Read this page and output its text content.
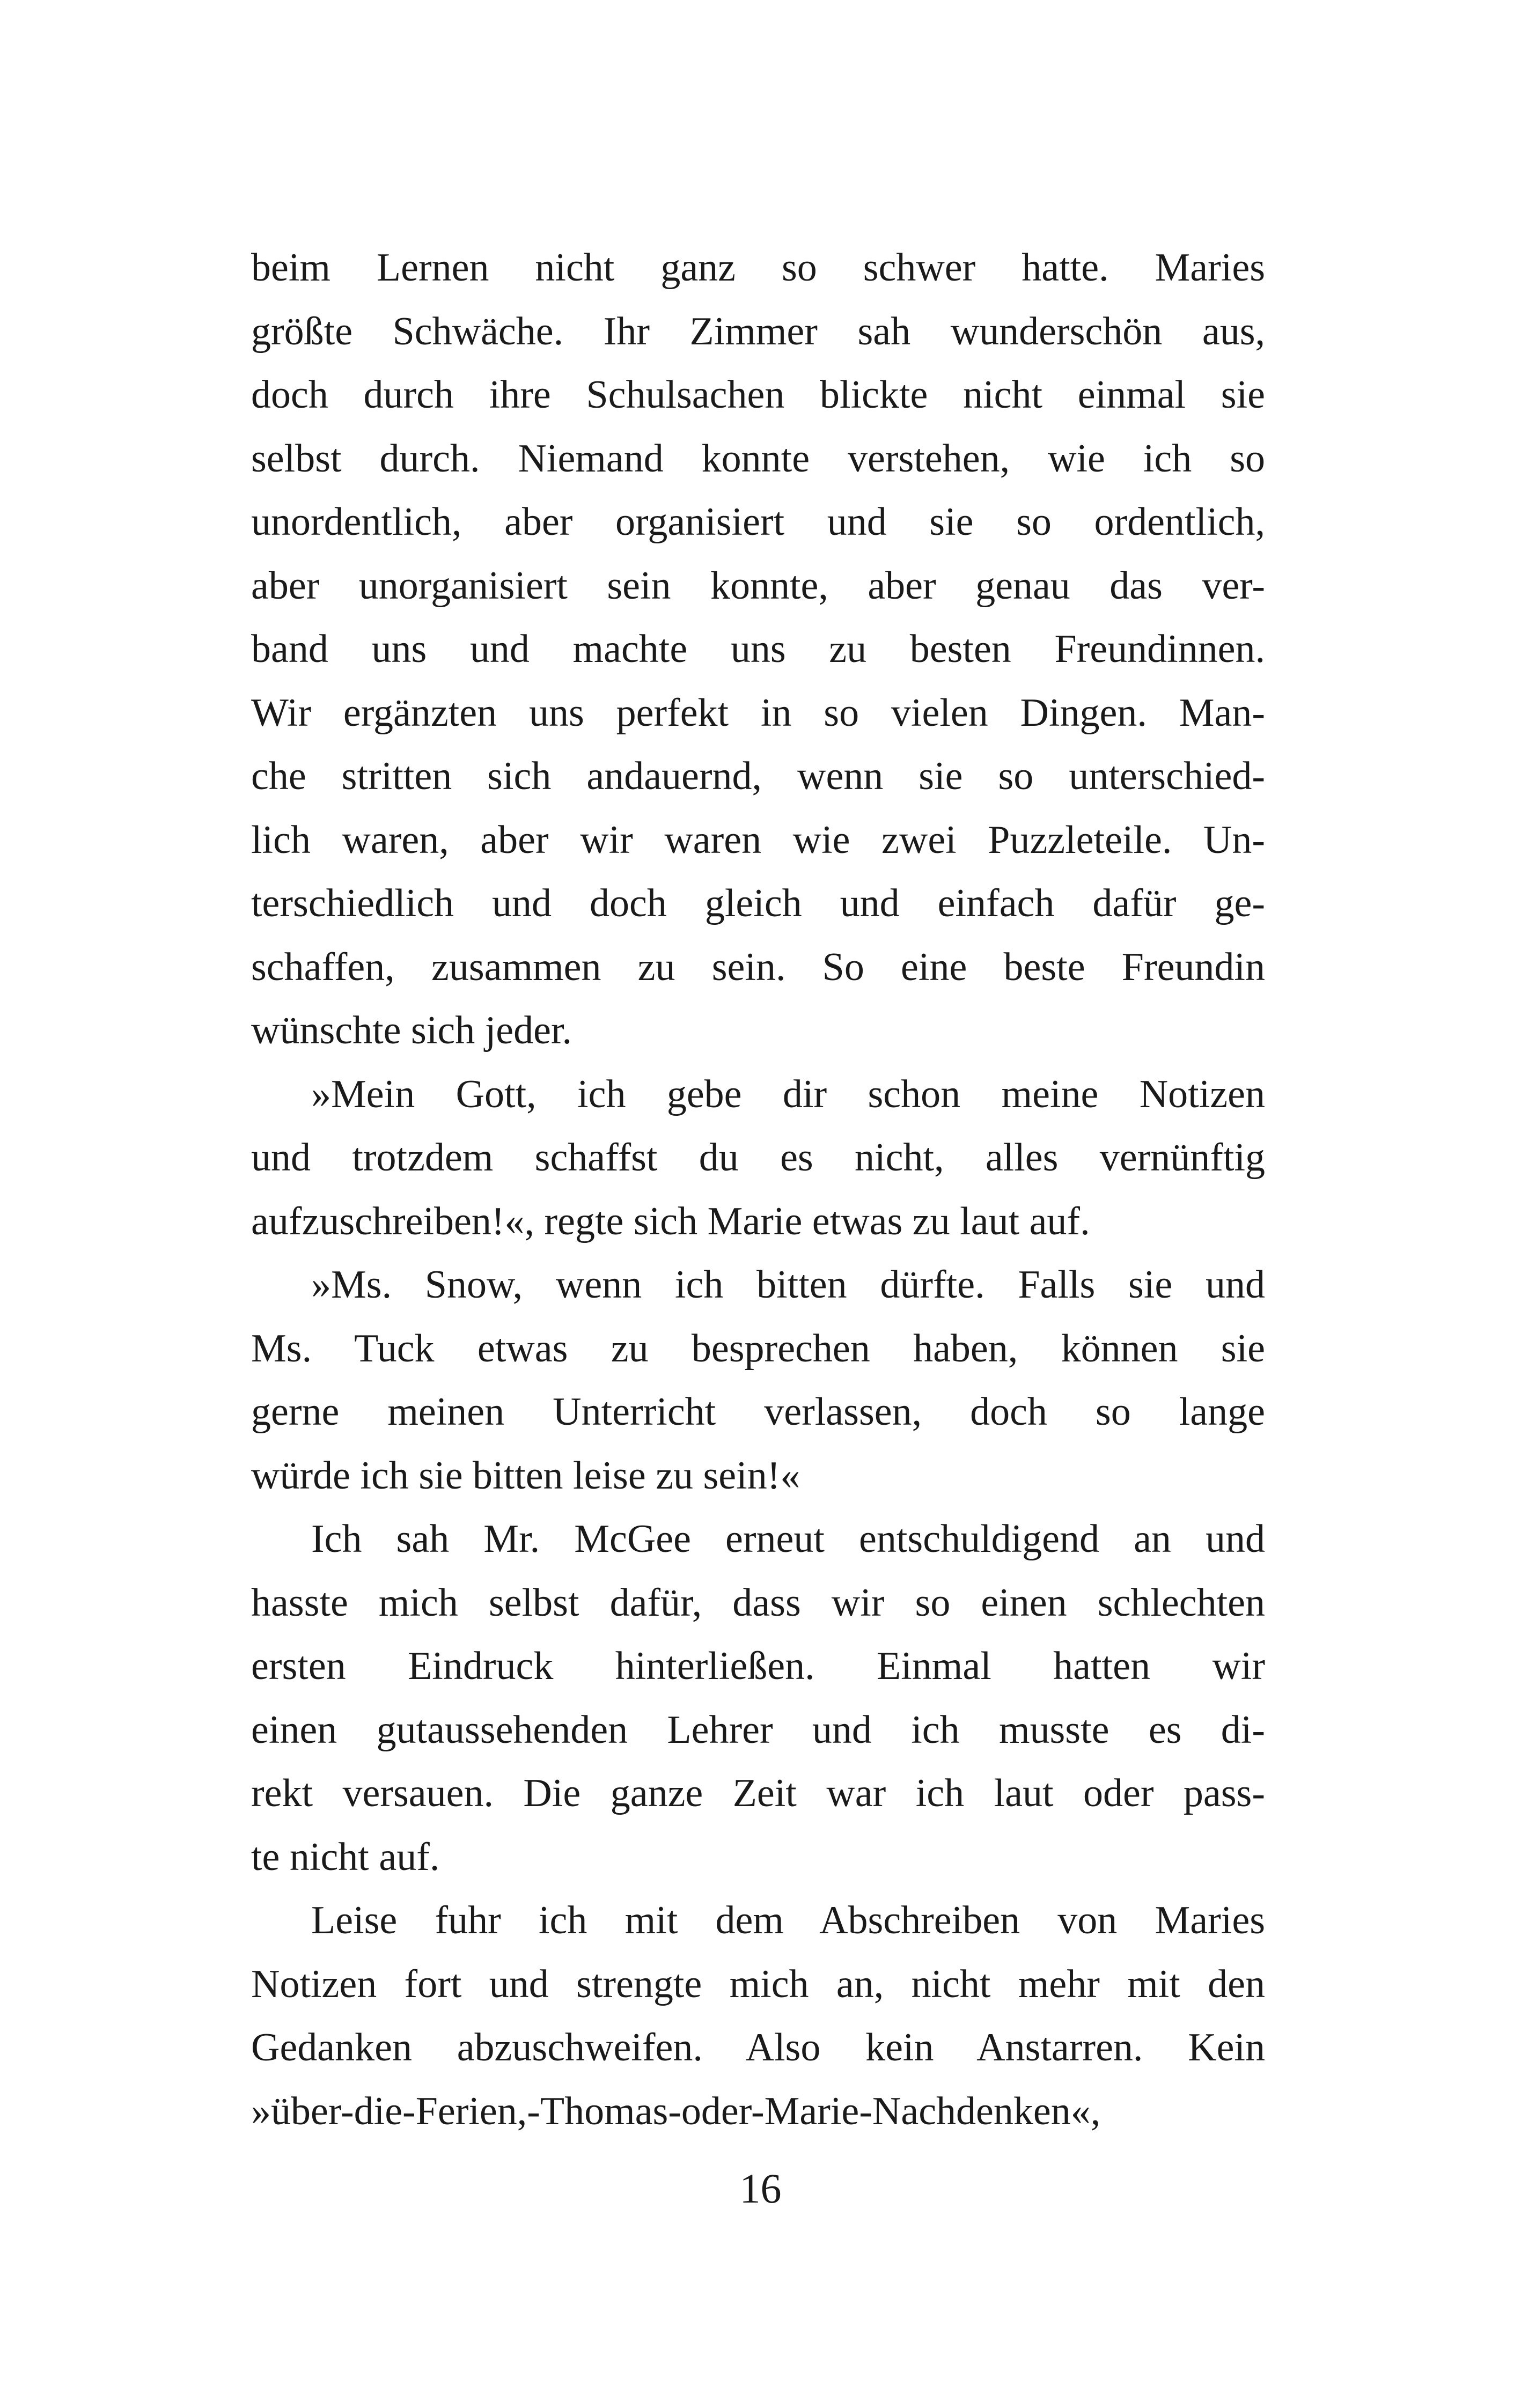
beim Lernen nicht ganz so schwer hatte. Maries
größte Schwäche. Ihr Zimmer sah wunderschön aus,
doch durch ihre Schulsachen blickte nicht einmal sie
selbst durch. Niemand konnte verstehen, wie ich so
unordentlich, aber organisiert und sie so ordentlich,
aber unorganisiert sein konnte, aber genau das ver-
band uns und machte uns zu besten Freundinnen.
Wir ergänzten uns perfekt in so vielen Dingen. Man-
che stritten sich andauernd, wenn sie so unterschied-
lich waren, aber wir waren wie zwei Puzzleteile. Un-
terschiedlich und doch gleich und einfach dafür ge-
schaffen, zusammen zu sein. So eine beste Freundin
wünschte sich jeder.
»Mein Gott, ich gebe dir schon meine Notizen
und trotzdem schaffst du es nicht, alles vernünftig
aufzuschreiben!«, regte sich Marie etwas zu laut auf.
»Ms. Snow, wenn ich bitten dürfte. Falls sie und
Ms. Tuck etwas zu besprechen haben, können sie
gerne meinen Unterricht verlassen, doch so lange
würde ich sie bitten leise zu sein!«
Ich sah Mr. McGee erneut entschuldigend an und
hasste mich selbst dafür, dass wir so einen schlechten
ersten Eindruck hinterließen. Einmal hatten wir
einen gutaussehenden Lehrer und ich musste es di-
rekt versauen. Die ganze Zeit war ich laut oder pass-
te nicht auf.
Leise fuhr ich mit dem Abschreiben von Maries
Notizen fort und strengte mich an, nicht mehr mit den
Gedanken abzuschweifen. Also kein Anstarren. Kein
»über-die-Ferien,-Thomas-oder-Marie-Nachdenken«,
16
